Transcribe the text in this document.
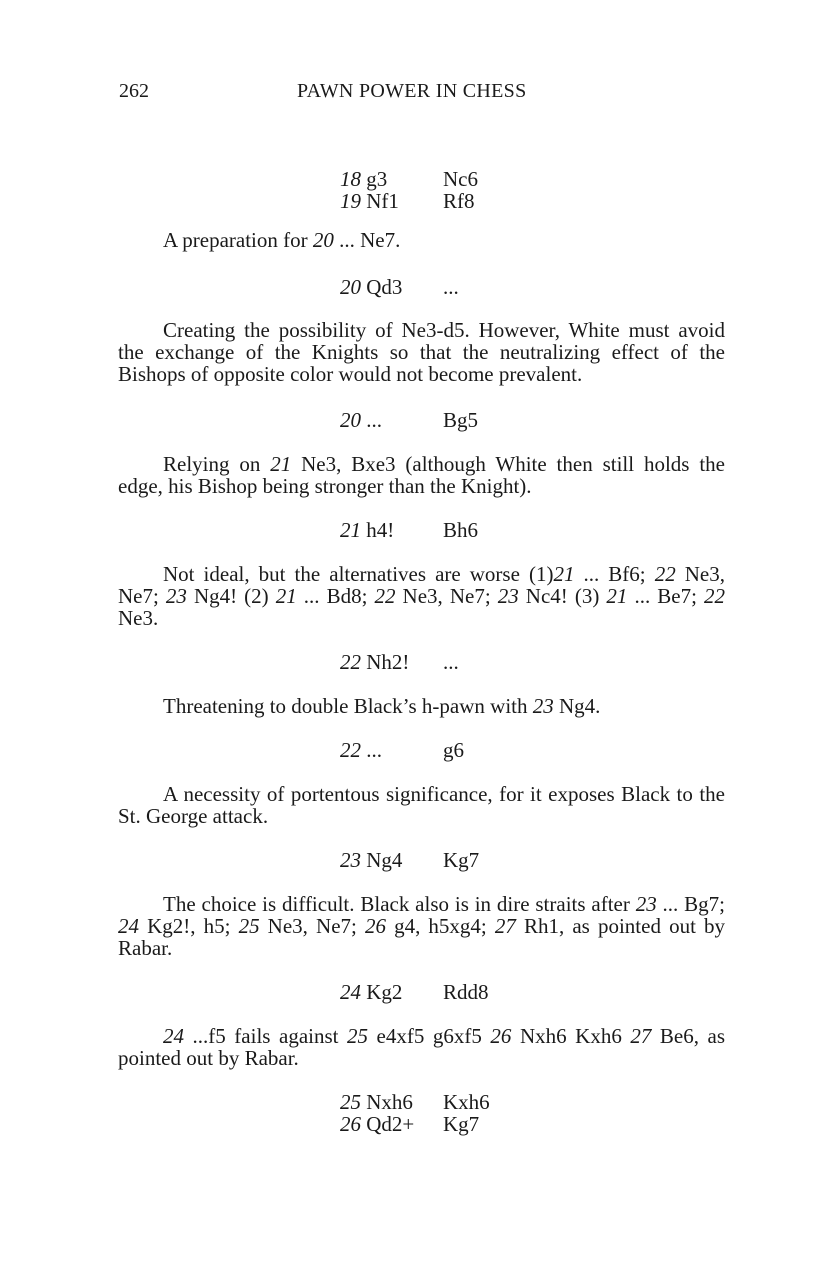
262	PAWN POWER IN CHESS
18 g3	Nc6
19 Nf1	Rf8
A preparation for 20 ... Ne7.
20 Qd3	...
Creating the possibility of Ne3-d5. However, White must avoid the exchange of the Knights so that the neutralizing effect of the Bishops of opposite color would not become prevalent.
20 ...	Bg5
Relying on 21 Ne3, Bxe3 (although White then still holds the edge, his Bishop being stronger than the Knight).
21 h4!	Bh6
Not ideal, but the alternatives are worse (1)21 ... Bf6; 22 Ne3, Ne7; 23 Ng4! (2) 21 ... Bd8; 22 Ne3, Ne7; 23 Nc4! (3) 21 ... Be7; 22 Ne3.
22 Nh2!	...
Threatening to double Black’s h-pawn with 23 Ng4.
22 ...	g6
A necessity of portentous significance, for it exposes Black to the St. George attack.
23 Ng4	Kg7
The choice is difficult. Black also is in dire straits after 23 ... Bg7; 24 Kg2!, h5; 25 Ne3, Ne7; 26 g4, h5xg4; 27 Rh1, as pointed out by Rabar.
24 Kg2	Rdd8
24 ...f5 fails against 25 e4xf5 g6xf5 26 Nxh6 Kxh6 27 Be6, as pointed out by Rabar.
25 Nxh6	Kxh6
26 Qd2+	Kg7
